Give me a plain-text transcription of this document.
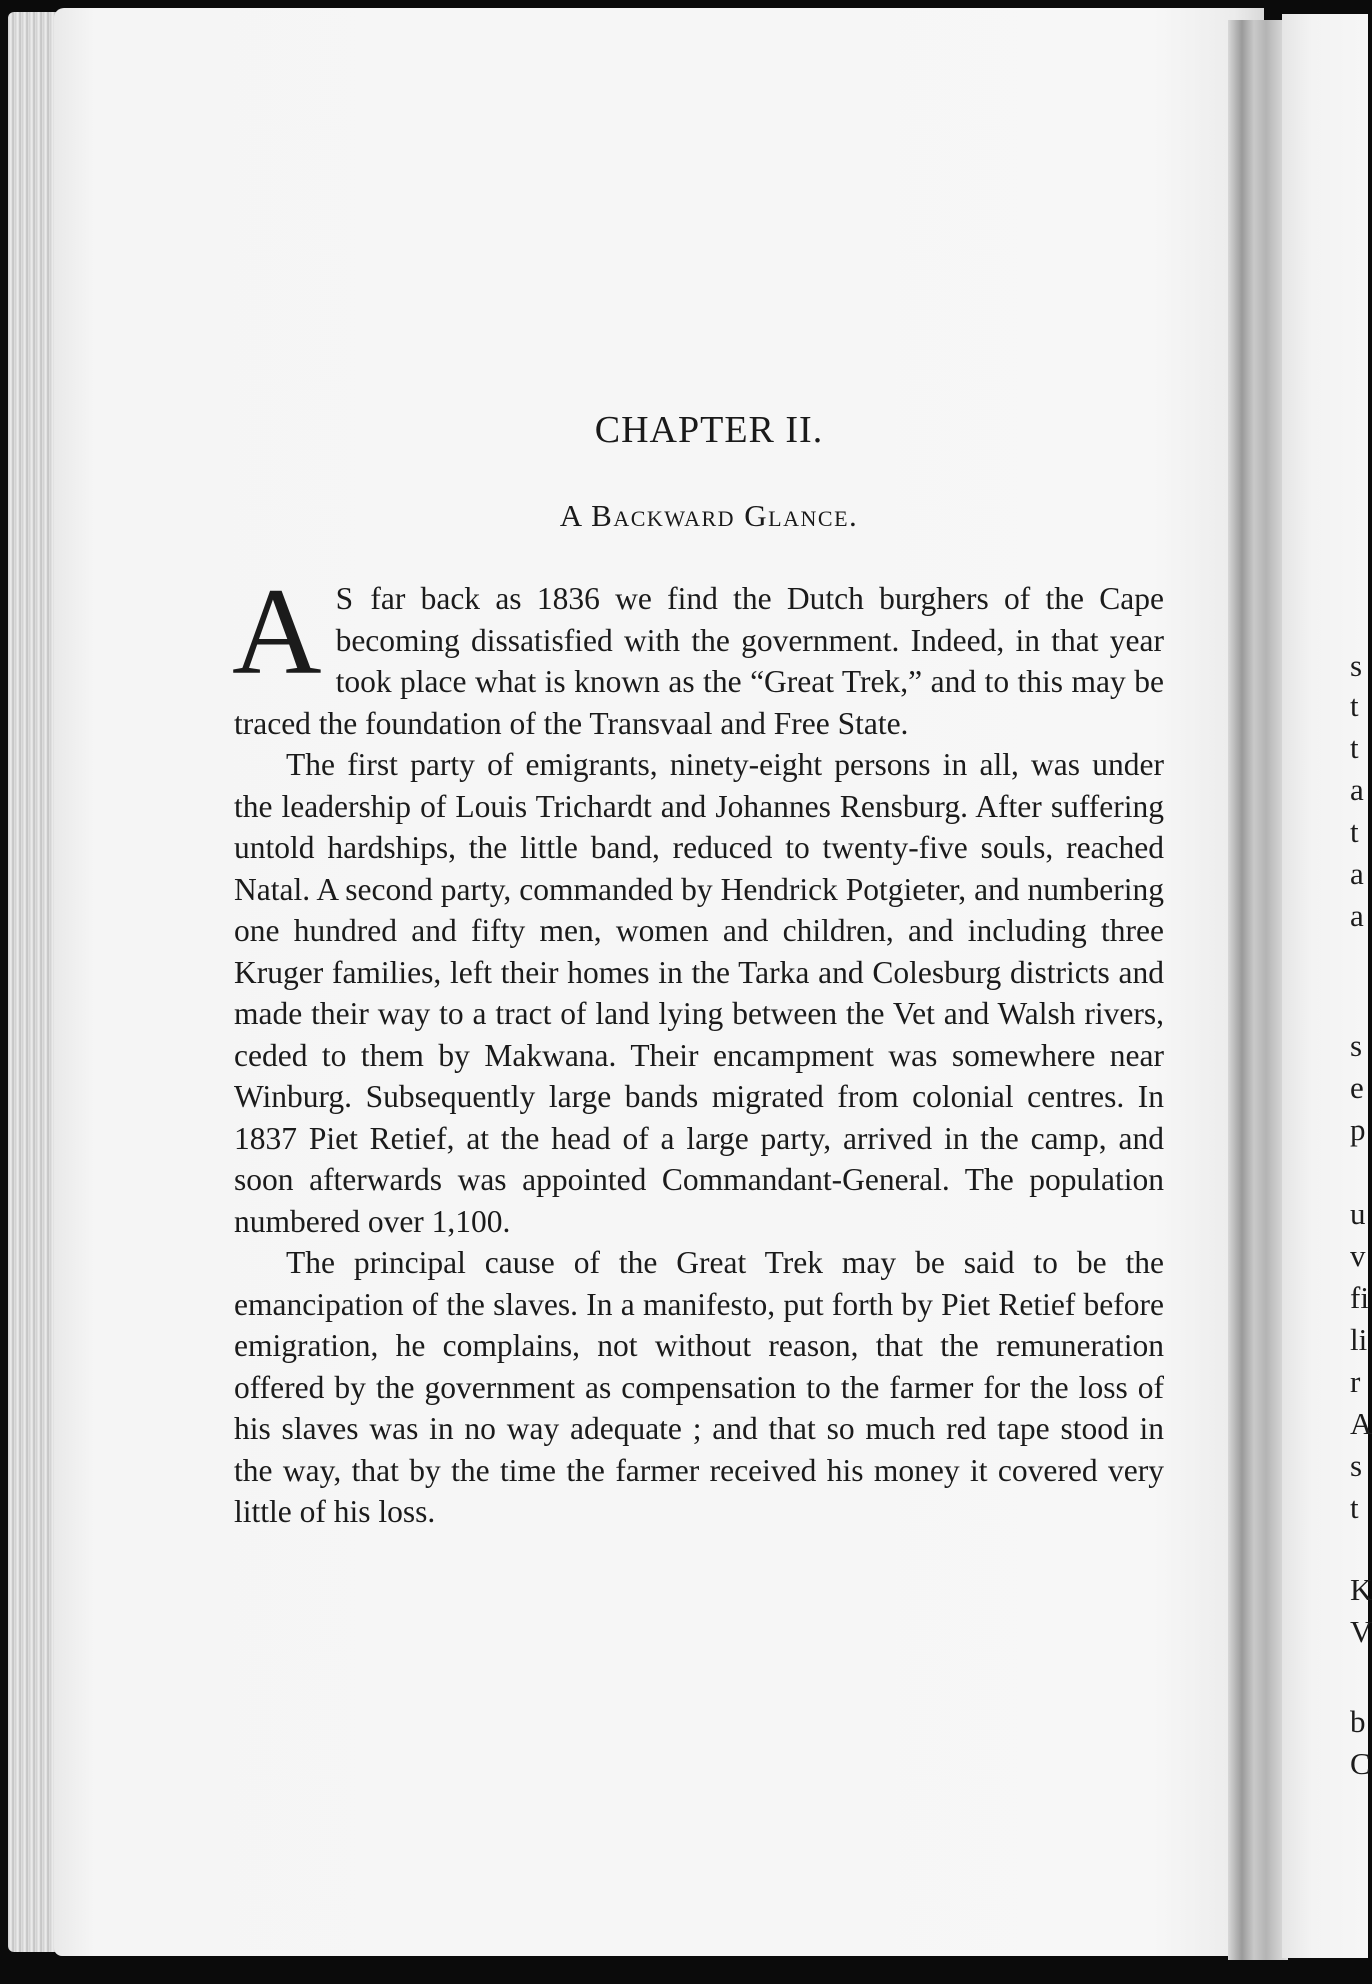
s
t
t
a
t
a
a
s
e
p
u
v
fi
li
r
A
s
t
K
V
b
C
CHAPTER II.
A Backward Glance.

A S far back as 1836 we find the Dutch burghers of the Cape becoming dissatisfied with the government. Indeed, in that year took place what is known as the “Great Trek,” and to this may be traced the foundation of the Transvaal and Free State.

The first party of emigrants, ninety-eight persons in all, was under the leadership of Louis Trichardt and Johannes Rensburg. After suffering untold hardships, the little band, reduced to twenty-five souls, reached Natal. A second party, commanded by Hendrick Potgieter, and numbering one hundred and fifty men, women and children, and including three Kruger families, left their homes in the Tarka and Colesburg districts and made their way to a tract of land lying between the Vet and Walsh rivers, ceded to them by Makwana. Their encampment was somewhere near Winburg. Subsequently large bands migrated from colonial centres. In 1837 Piet Retief, at the head of a large party, arrived in the camp, and soon afterwards was appointed Commandant-General. The population numbered over 1,100.

The principal cause of the Great Trek may be said to be the emancipation of the slaves. In a manifesto, put forth by Piet Retief before emigration, he complains, not without reason, that the remuneration offered by the government as compensation to the farmer for the loss of his slaves was in no way adequate ; and that so much red tape stood in the way, that by the time the farmer received his money it covered very little of his loss.
